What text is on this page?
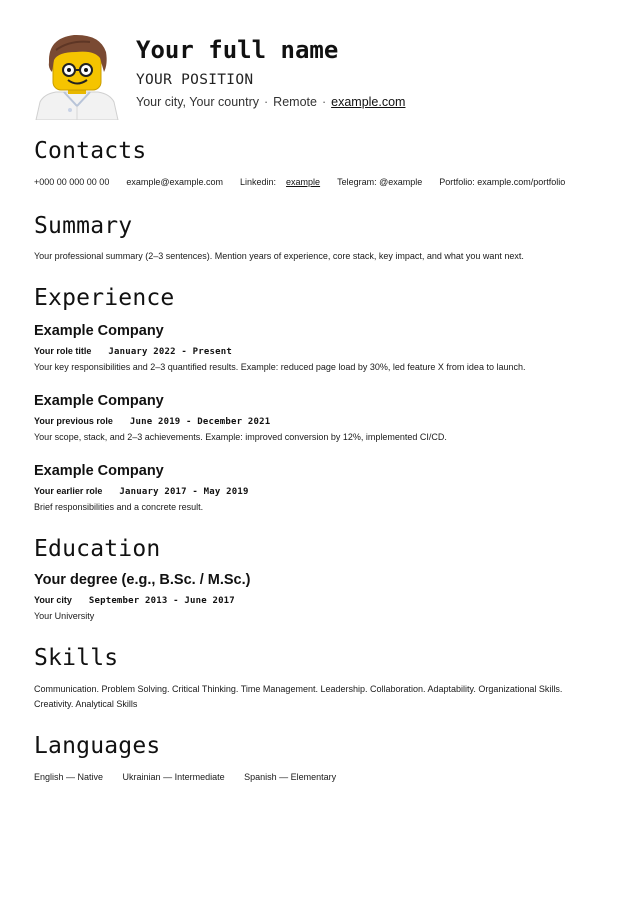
Your full name
YOUR POSITION
Your city, Your country · Remote · example.com
Contacts
+000 00 000 00 00 example@example.com Linkedin: example Telegram: @example Portfolio: example.com/portfolio
Summary
Your professional summary (2–3 sentences). Mention years of experience, core stack, key impact, and what you want next.
Experience
Example Company
Your role title January 2022 - Present
Your key responsibilities and 2–3 quantified results. Example: reduced page load by 30%, led feature X from idea to launch.
Example Company
Your previous role June 2019 - December 2021
Your scope, stack, and 2–3 achievements. Example: improved conversion by 12%, implemented CI/CD.
Example Company
Your earlier role January 2017 - May 2019
Brief responsibilities and a concrete result.
Education
Your degree (e.g., B.Sc. / M.Sc.)
Your city September 2013 - June 2017
Your University
Skills
Communication. Problem Solving. Critical Thinking. Time Management. Leadership. Collaboration. Adaptability. Organizational Skills. Creativity. Analytical Skills
Languages
English — Native Ukrainian — Intermediate Spanish — Elementary
